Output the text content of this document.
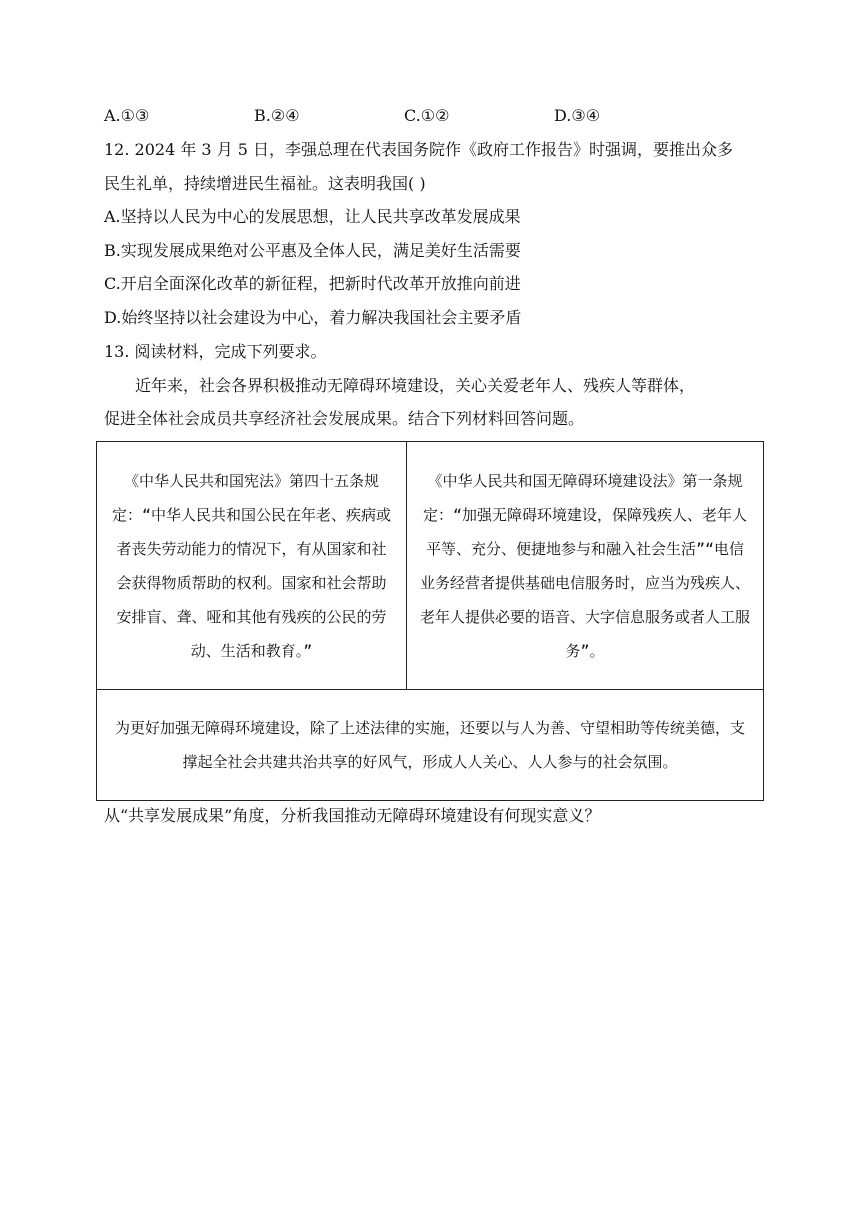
A.①③	B.②④	C.①②	D.③④
12. 2024 年 3 月 5 日，李强总理在代表国务院作《政府工作报告》时强调，要推出众多
民生礼单，持续增进民生福祉。这表明我国( )
A.坚持以人民为中心的发展思想，让人民共享改革发展成果
B.实现发展成果绝对公平惠及全体人民，满足美好生活需要
C.开启全面深化改革的新征程，把新时代改革开放推向前进
D.始终坚持以社会建设为中心，着力解决我国社会主要矛盾
13. 阅读材料，完成下列要求。
近年来，社会各界积极推动无障碍环境建设，关心关爱老年人、残疾人等群体，
促进全体社会成员共享经济社会发展成果。结合下列材料回答问题。
《中华人民共和国宪法》第四十五条规定：“中华人民共和国公民在年老、疾病或者丧失劳动能力的情况下，有从国家和社会获得物质帮助的权利。国家和社会帮助安排盲、聋、哑和其他有残疾的公民的劳动、生活和教育。”
《中华人民共和国无障碍环境建设法》第一条规定：“加强无障碍环境建设，保障残疾人、老年人平等、充分、便捷地参与和融入社会生活”“电信业务经营者提供基础电信服务时，应当为残疾人、老年人提供必要的语音、大字信息服务或者人工服务”。
为更好加强无障碍环境建设，除了上述法律的实施，还要以与人为善、守望相助等传统美德，支撑起全社会共建共治共享的好风气，形成人人关心、人人参与的社会氛围。
从“共享发展成果”角度，分析我国推动无障碍环境建设有何现实意义？
